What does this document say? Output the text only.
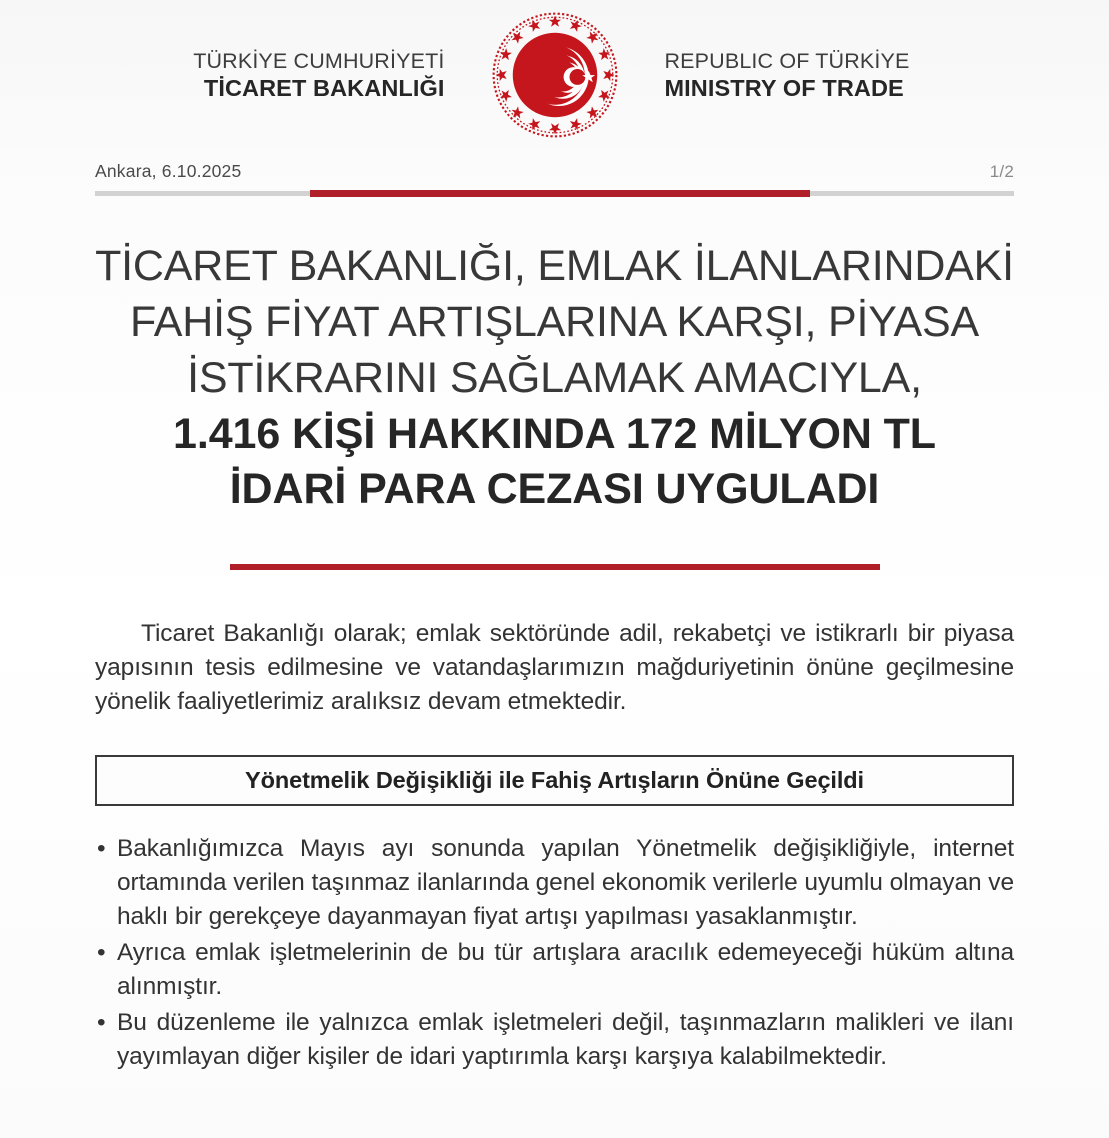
TÜRKİYE CUMHURİYETİ
TİCARET BAKANLIĞI
REPUBLIC OF TÜRKİYE
MINISTRY OF TRADE
Ankara, 6.10.2025	1/2

TİCARET BAKANLIĞI, EMLAK İLANLARINDAKİ

FAHİŞ FİYAT ARTIŞLARINA KARŞI, PİYASA

İSTİKRARINI SAĞLAMAK AMACIYLA,

1.416 KİŞİ HAKKINDA 172 MİLYON TL

İDARİ PARA CEZASI UYGULADI

Ticaret Bakanlığı olarak; emlak sektöründe adil, rekabetçi ve istikrarlı bir piyasa yapısının tesis edilmesine ve vatandaşlarımızın mağduriyetinin önüne geçilmesine yönelik faaliyetlerimiz aralıksız devam etmektedir.

Yönetmelik Değişikliği ile Fahiş Artışların Önüne Geçildi
• Bakanlığımızca Mayıs ayı sonunda yapılan Yönetmelik değişikliğiyle, internet ortamında verilen taşınmaz ilanlarında genel ekonomik verilerle uyumlu olmayan ve haklı bir gerekçeye dayanmayan fiyat artışı yapılması yasaklanmıştır.
• Ayrıca emlak işletmelerinin de bu tür artışlara aracılık edemeyeceği hüküm altına alınmıştır.
• Bu düzenleme ile yalnızca emlak işletmeleri değil, taşınmazların malikleri ve ilanı yayımlayan diğer kişiler de idari yaptırımla karşı karşıya kalabilmektedir.
